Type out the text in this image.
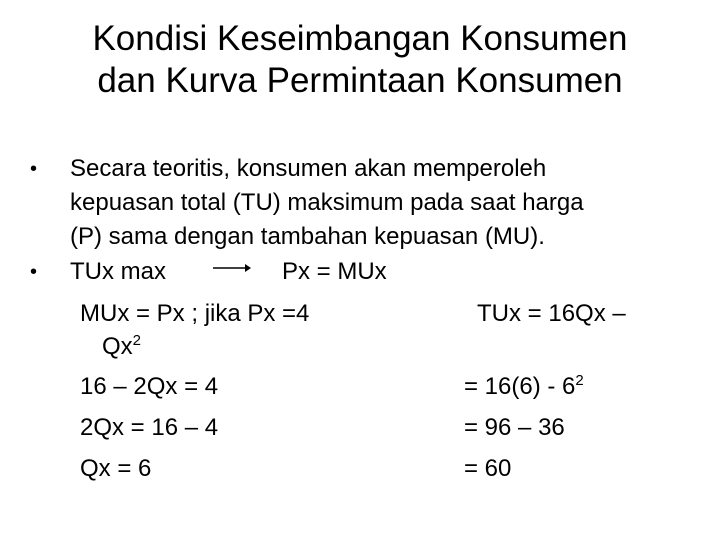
Kondisi Keseimbangan Konsumen
dan Kurva Permintaan Konsumen
• Secara teoritis, konsumen akan memperoleh
kepuasan total (TU) maksimum pada saat harga
(P) sama dengan tambahan kepuasan (MU).
• TUx max	Px = MUx
MUx = Px ; jika Px =4
Qx$^2$
16 – 2Qx = 4
2Qx = 16 – 4
Qx = 6
TUx = 16Qx –
= $16(6) - 6^2$
= 96 – 36
= 60
